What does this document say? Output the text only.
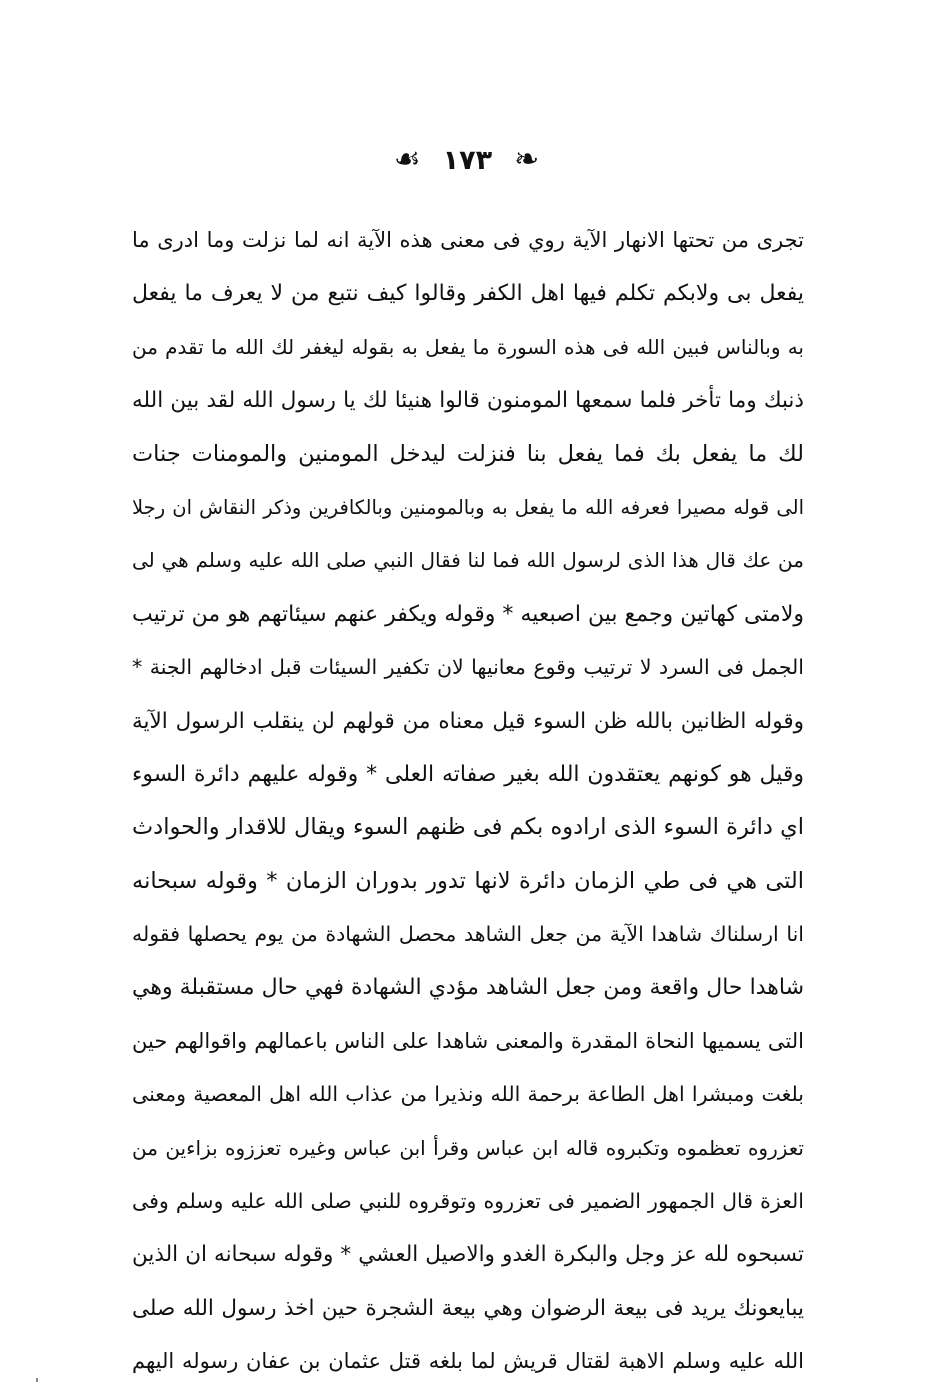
☙ ١٧٣ ❧
تجرى من تحتها الانهار الآية روي فى معنى هذه الآية انه لما نزلت وما ادرى ما
يفعل بى ولابكم تكلم فيها اهل الكفر وقالوا كيف نتبع من لا يعرف ما يفعل
به وبالناس فبين الله فى هذه السورة ما يفعل به بقوله ليغفر لك الله ما تقدم من
ذنبك وما تأخر فلما سمعها المومنون قالوا هنيئا لك يا رسول الله لقد بين الله
لك ما يفعل بك فما يفعل بنا فنزلت ليدخل المومنين والمومنات جنات
الى قوله مصيرا فعرفه الله ما يفعل به وبالمومنين وبالكافرين وذكر النقاش ان رجلا
من عك قال هذا الذى لرسول الله فما لنا فقال النبي صلى الله عليه وسلم هي لى
ولامتى كهاتين وجمع بين اصبعيه * وقوله ويكفر عنهم سيئاتهم هو من ترتيب
الجمل فى السرد لا ترتيب وقوع معانيها لان تكفير السيئات قبل ادخالهم الجنة *
وقوله الظانين بالله ظن السوء قيل معناه من قولهم لن ينقلب الرسول الآية
وقيل هو كونهم يعتقدون الله بغير صفاته العلى * وقوله عليهم دائرة السوء
اي دائرة السوء الذى ارادوه بكم فى ظنهم السوء ويقال للاقدار والحوادث
التى هي فى طي الزمان دائرة لانها تدور بدوران الزمان * وقوله سبحانه
انا ارسلناك شاهدا الآية من جعل الشاهد محصل الشهادة من يوم يحصلها فقوله
شاهدا حال واقعة ومن جعل الشاهد مؤدي الشهادة فهي حال مستقبلة وهي
التى يسميها النحاة المقدرة والمعنى شاهدا على الناس باعمالهم واقوالهم حين
بلغت ومبشرا اهل الطاعة برحمة الله ونذيرا من عذاب الله اهل المعصية ومعنى
تعزروه تعظموه وتكبروه قاله ابن عباس وقرأ ابن عباس وغيره تعززوه بزاءين من
العزة قال الجمهور الضمير فى تعزروه وتوقروه للنبي صلى الله عليه وسلم وفى
تسبحوه لله عز وجل والبكرة الغدو والاصيل العشي * وقوله سبحانه ان الذين
يبايعونك يريد فى بيعة الرضوان وهي بيعة الشجرة حين اخذ رسول الله صلى
الله عليه وسلم الاهبة لقتال قريش لما بلغه قتل عثمان بن عفان رسوله اليهم
